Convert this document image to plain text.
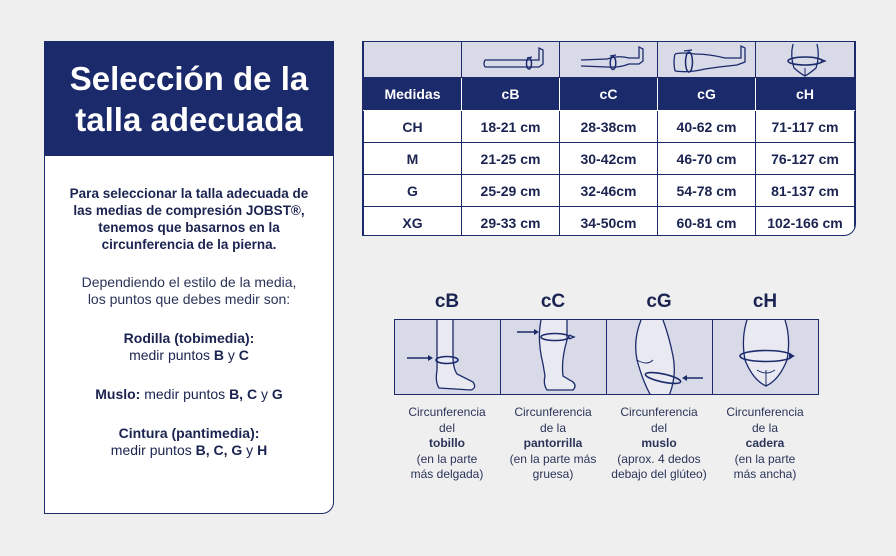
Selección de la
talla adecuada
Para seleccionar la talla adecuada de
las medias de compresión JOBST®,
tenemos que basarnos en la
circunferencia de la pierna.
Dependiendo el estilo de la media,
los puntos que debes medir son:
Rodilla (tobimedia):
medir puntos B y C
Muslo: medir puntos B, C y G
Cintura (pantimedia):
medir puntos B, C, G y H

Medidas	cB	cC	cG	cH
CH	18-21 cm	28-38cm	40-62 cm	71-117 cm
M	21-25 cm	30-42cm	46-70 cm	76-127 cm
G	25-29 cm	32-46cm	54-78 cm	81-137 cm
XG	29-33 cm	34-50cm	60-81 cm	102-166 cm
cB	cC	cG	cH
Circunferencia
del
tobillo
(en la parte
más delgada)
Circunferencia
de la
pantorrilla
(en la parte más
gruesa)
Circunferencia
del
muslo
(aprox. 4 dedos
debajo del glúteo)
Circunferencia
de la
cadera
(en la parte
más ancha)
